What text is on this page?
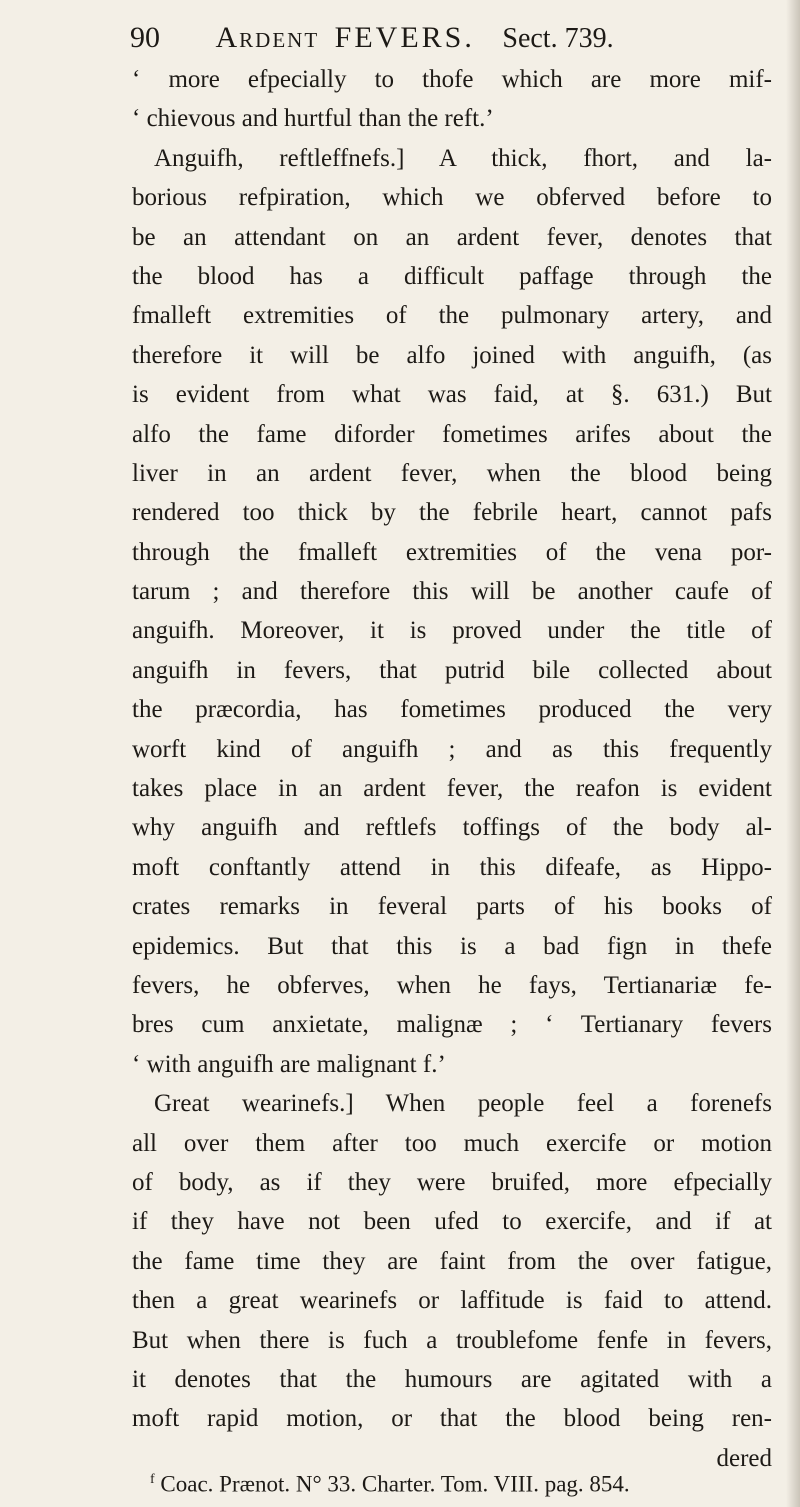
90 Ardent FEVERS. Sect. 739.
‘ more efpecially to thofe which are more mif-
‘ chievous and hurtful than the reft.’
Anguifh, reftleffnefs.] A thick, fhort, and la-
borious refpiration, which we obferved before to
be an attendant on an ardent fever, denotes that
the blood has a difficult paffage through the
fmalleft extremities of the pulmonary artery, and
therefore it will be alfo joined with anguifh, (as
is evident from what was faid, at §. 631.) But
alfo the fame diforder fometimes arifes about the
liver in an ardent fever, when the blood being
rendered too thick by the febrile heart, cannot pafs
through the fmalleft extremities of the vena por-
tarum ; and therefore this will be another caufe of
anguifh. Moreover, it is proved under the title of
anguifh in fevers, that putrid bile collected about
the præcordia, has fometimes produced the very
worft kind of anguifh ; and as this frequently
takes place in an ardent fever, the reafon is evident
why anguifh and reftlefs toffings of the body al-
moft conftantly attend in this difeafe, as Hippo-
crates remarks in feveral parts of his books of
epidemics. But that this is a bad fign in thefe
fevers, he obferves, when he fays, Tertianariæ fe-
bres cum anxietate, malignæ ; ‘ Tertianary fevers
‘ with anguifh are malignant f.’
Great wearinefs.] When people feel a forenefs
all over them after too much exercife or motion
of body, as if they were bruifed, more efpecially
if they have not been ufed to exercife, and if at
the fame time they are faint from the over fatigue,
then a great wearinefs or laffitude is faid to attend.
But when there is fuch a troublefome fenfe in fevers,
it denotes that the humours are agitated with a
moft rapid motion, or that the blood being ren-
dered
$^f$ Coac. Prænot. N° 33. Charter. Tom. VIII. pag. 854.
